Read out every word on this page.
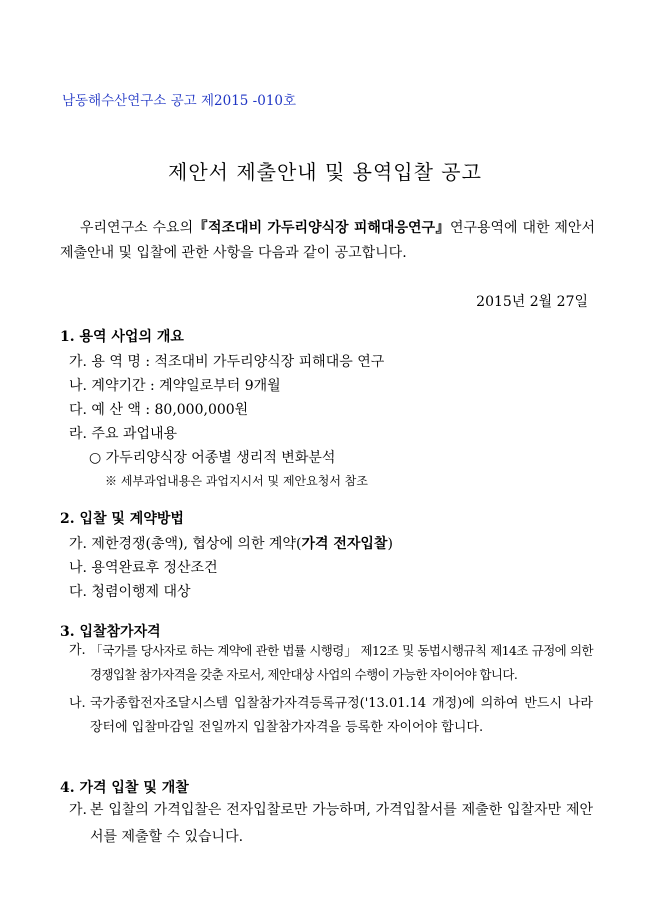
남동해수산연구소 공고 제2015 -010호
제안서 제출안내 및 용역입찰 공고
우리연구소 수요의『적조대비 가두리양식장 피해대응연구』연구용역에 대한 제안서 제출안내 및 입찰에 관한 사항을 다음과 같이 공고합니다.
2015년 2월 27일
1. 용역 사업의 개요
가. 용 역 명 : 적조대비 가두리양식장 피해대응 연구
나. 계약기간 : 계약일로부터 9개월
다. 예 산 액 : 80,000,000원
라. 주요 과업내용
○ 가두리양식장 어종별 생리적 변화분석
※ 세부과업내용은 과업지시서 및 제안요청서 참조
2. 입찰 및 계약방법
가. 제한경쟁(총액), 협상에 의한 계약(가격 전자입찰)
나. 용역완료후 정산조건
다. 청렴이행제 대상
3. 입찰참가자격
가. 「국가를 당사자로 하는 계약에 관한 법률 시행령」 제12조 및 동법시행규칙 제14조 규정에 의한 경쟁입찰 참가자격을 갖춘 자로서, 제안대상 사업의 수행이 가능한 자이어야 합니다.
나. 국가종합전자조달시스템 입찰참가자격등록규정('13.01.14 개정)에 의하여 반드시 나라장터에 입찰마감일 전일까지 입찰참가자격을 등록한 자이어야 합니다.
4. 가격 입찰 및 개찰
가. 본 입찰의 가격입찰은 전자입찰로만 가능하며, 가격입찰서를 제출한 입찰자만 제안서를 제출할 수 있습니다.
